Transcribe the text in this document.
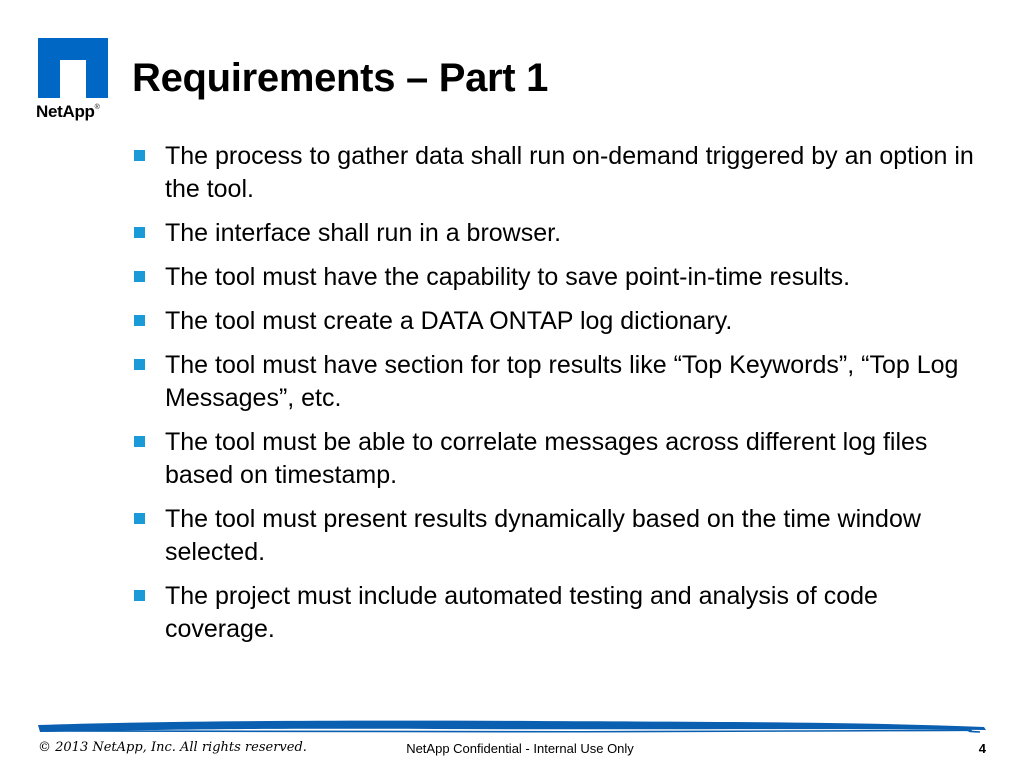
NetApp®
Requirements – Part 1
The process to gather data shall run on-demand triggered by an option in the tool.
The interface shall run in a browser.
The tool must have the capability to save point-in-time results.
The tool must create a DATA ONTAP log dictionary.
The tool must have section for top results like “Top Keywords”, “Top Log Messages”, etc.
The tool must be able to correlate messages across different log files based on timestamp.
The tool must present results dynamically based on the time window selected.
The project must include automated testing and analysis of code coverage.
© 2013 NetApp, Inc. All rights reserved.	NetApp Confidential - Internal Use Only	4
